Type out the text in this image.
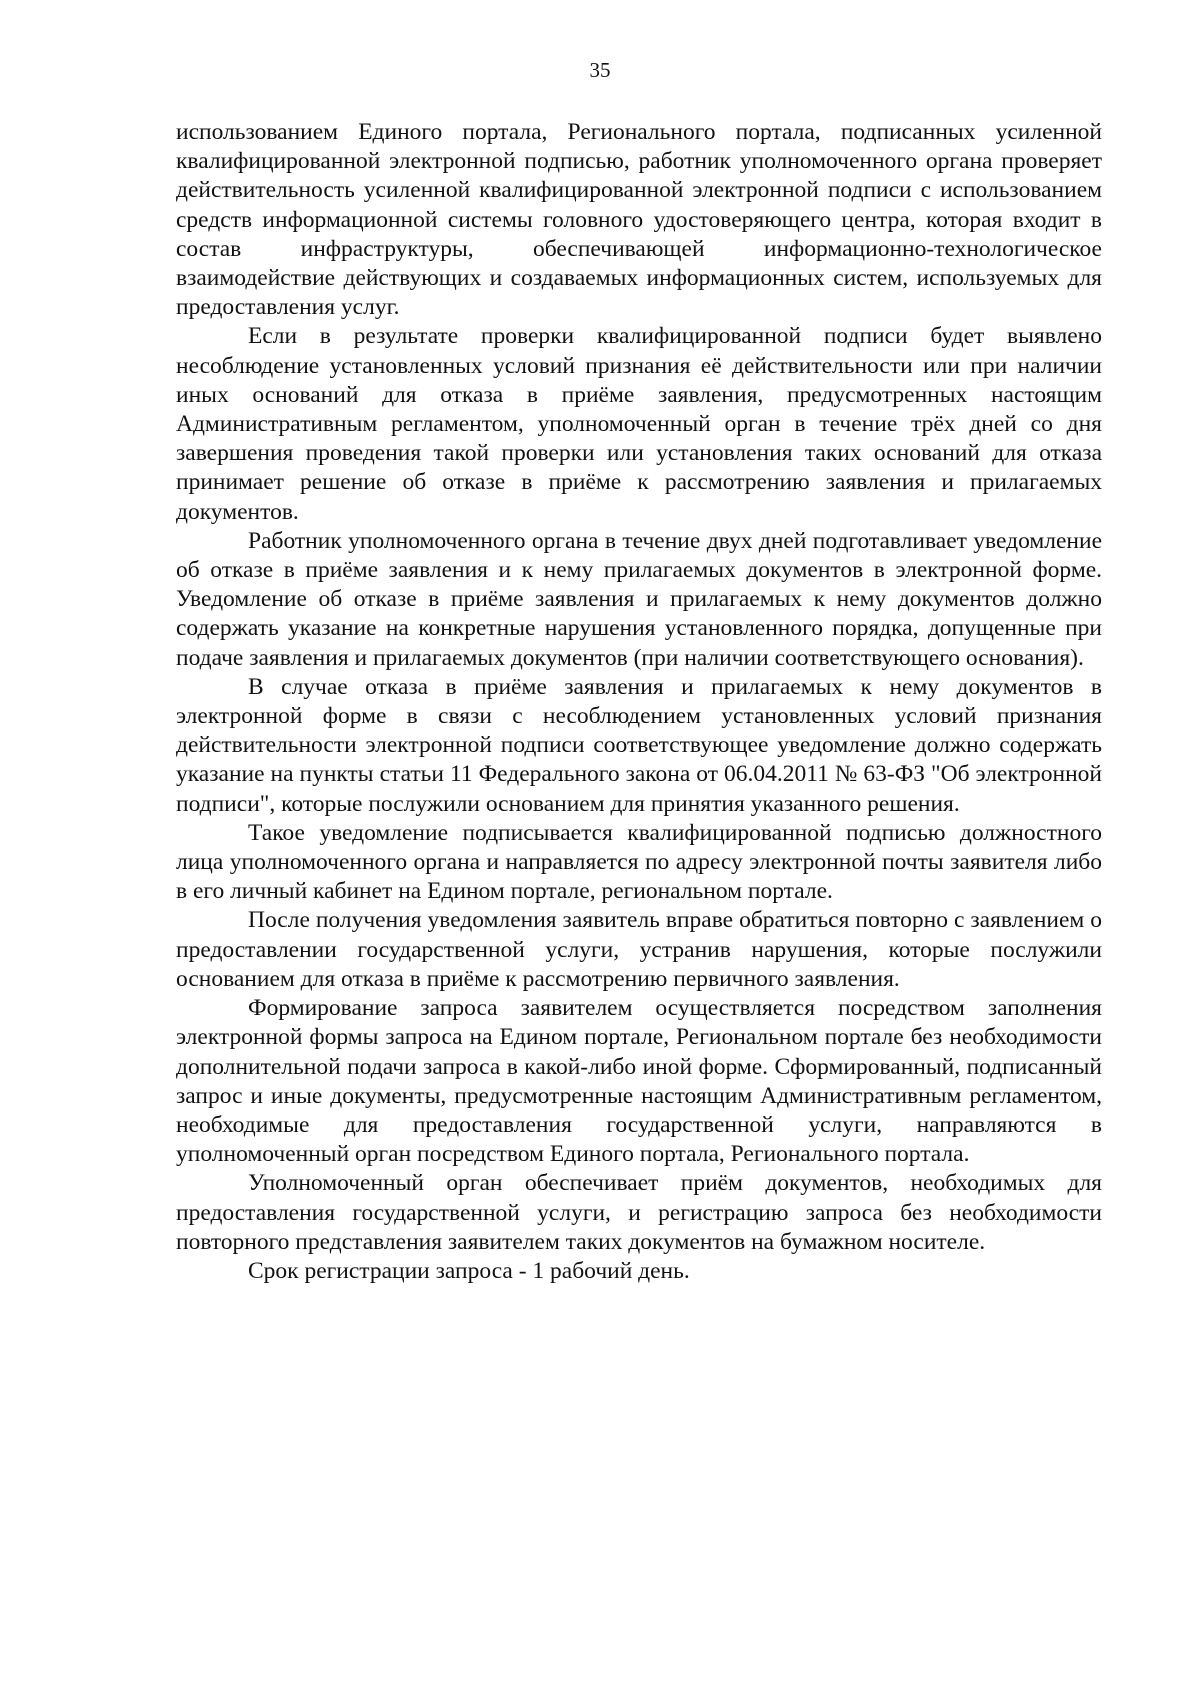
35

использованием Единого портала, Регионального портала, подписанных усиленной квалифицированной электронной подписью, работник уполномоченного органа проверяет действительность усиленной квалифицированной электронной подписи с использованием средств информационной системы головного удостоверяющего центра, которая входит в состав инфраструктуры, обеспечивающей информационно-технологическое взаимодействие действующих и создаваемых информационных систем, используемых для предоставления услуг.

Если в результате проверки квалифицированной подписи будет выявлено несоблюдение установленных условий признания её действительности или при наличии иных оснований для отказа в приёме заявления, предусмотренных настоящим Административным регламентом, уполномоченный орган в течение трёх дней со дня завершения проведения такой проверки или установления таких оснований для отказа принимает решение об отказе в приёме к рассмотрению заявления и прилагаемых документов.

Работник уполномоченного органа в течение двух дней подготавливает уведомление об отказе в приёме заявления и к нему прилагаемых документов в электронной форме. Уведомление об отказе в приёме заявления и прилагаемых к нему документов должно содержать указание на конкретные нарушения установленного порядка, допущенные при подаче заявления и прилагаемых документов (при наличии соответствующего основания).

В случае отказа в приёме заявления и прилагаемых к нему документов в электронной форме в связи с несоблюдением установленных условий признания действительности электронной подписи соответствующее уведомление должно содержать указание на пункты статьи 11 Федерального закона от 06.04.2011 № 63-ФЗ "Об электронной подписи", которые послужили основанием для принятия указанного решения.

Такое уведомление подписывается квалифицированной подписью должностного лица уполномоченного органа и направляется по адресу электронной почты заявителя либо в его личный кабинет на Едином портале, региональном портале.

После получения уведомления заявитель вправе обратиться повторно с заявлением о предоставлении государственной услуги, устранив нарушения, которые послужили основанием для отказа в приёме к рассмотрению первичного заявления.

Формирование запроса заявителем осуществляется посредством заполнения электронной формы запроса на Едином портале, Региональном портале без необходимости дополнительной подачи запроса в какой-либо иной форме. Сформированный, подписанный запрос и иные документы, предусмотренные настоящим Административным регламентом, необходимые для предоставления государственной услуги, направляются в уполномоченный орган посредством Единого портала, Регионального портала.

Уполномоченный орган обеспечивает приём документов, необходимых для предоставления государственной услуги, и регистрацию запроса без необходимости повторного представления заявителем таких документов на бумажном носителе.

Срок регистрации запроса - 1 рабочий день.
